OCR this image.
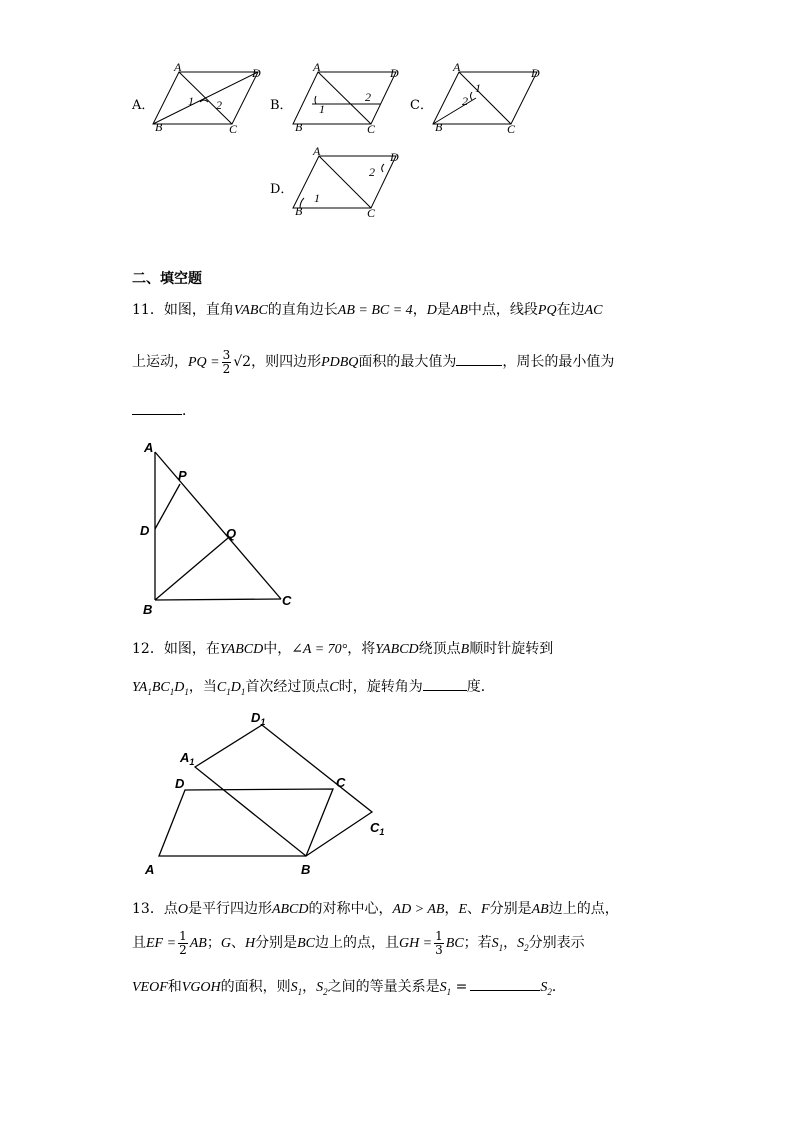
A．
A	D
B	C
1 2	B．
A	D
B	C
1
2
C．
A	D
B	C
1
2
D．
A	D
B	C
1
2
二、填空题
11．如图，直角VABC的直角边长AB = BC = 4，D是AB中点，线段PQ在边AC
上运动，PQ = $\frac{3}{2} √2$，则四边形PDBQ面积的最大值为	，周长的最小值为
．
A
P
D	Q
B
C
12．如图，在YABCD中，∠A = 70°，将YABCD绕顶点B顺时针旋转到
$YA_1BC_1D_1$，当$C_1D_1$首次经过顶点C时，旋转角为	度．
A	B
C
D
$A_1$
$D_1$
$C_1$
13．点O是平行四边形ABCD的对称中心，AD > AB，E、F分别是AB边上的点，
且EF = $\frac{1}{2}$ AB；G、H分别是BC边上的点，且GH = $\frac{1}{3}$ BC；若$S_1$，$S_2$分别表示
VEOF和VGOH的面积，则$S_1$，$S_2$之间的等量关系是$S_1$ =	$S_2$．
